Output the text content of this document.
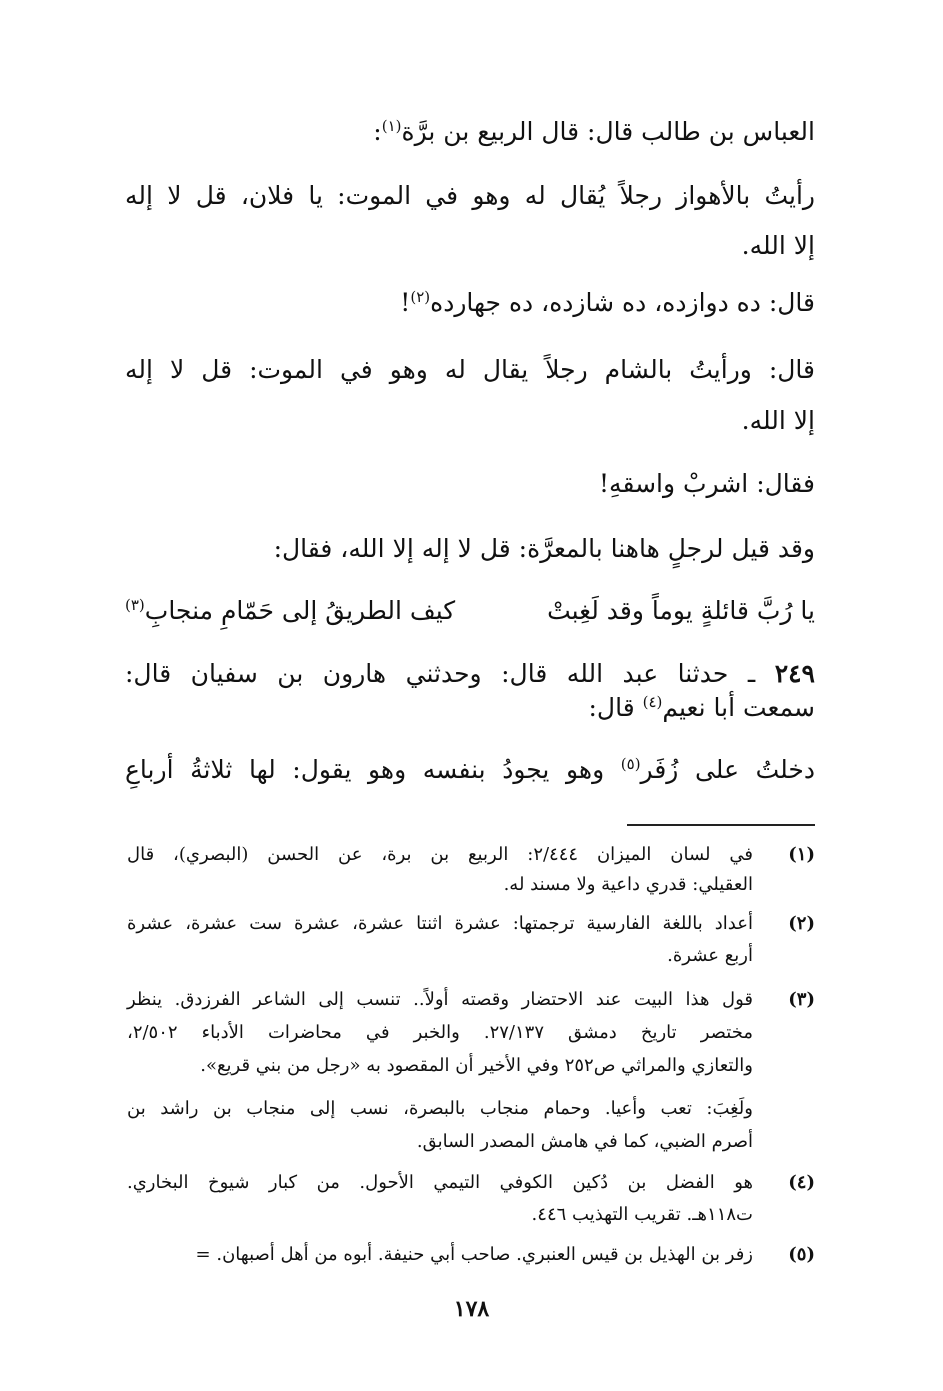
العباس بن طالب قال: قال الربيع بن برَّة$^{(١)}$:
رأيتُ بالأهواز رجلاً يُقال له وهو في الموت: يا فلان، قل لا إله
إلا الله.
قال: ده دوازده، ده شازده، ده جهارده$^{(٢)}$!
قال: ورأيتُ بالشام رجلاً يقال له وهو في الموت: قل لا إله
إلا الله.
فقال: اشربْ واسقهِ!
وقد قيل لرجلٍ هاهنا بالمعرَّة: قل لا إله إلا الله، فقال:
يا رُبَّ قائلةٍ يوماً وقد لَغِبتْ
كيف الطريقُ إلى حَمّامِ منجابِ$^{(٣)}$
٢٤٩ ـ حدثنا عبد الله قال: وحدثني هارون بن سفيان قال:
سمعت أبا نعيم$^{(٤)}$ قال:
دخلتُ على زُفَر$^{(٥)}$ وهو يجودُ بنفسه وهو يقول: لها ثلاثةُ أرباعِ
(١)
في لسان الميزان ٢/٤٤٤: الربيع بن برة، عن الحسن (البصري)، قال
العقيلي: قدري داعية ولا مسند له.
(٢)
أعداد باللغة الفارسية ترجمتها: عشرة اثنتا عشرة، عشرة ست عشرة، عشرة
أربع عشرة.
(٣)
قول هذا البيت عند الاحتضار وقصته أولاً.. تنسب إلى الشاعر الفرزدق. ينظر
مختصر تاريخ دمشق ٢٧/١٣٧. والخبر في محاضرات الأدباء ٢/٥٠٢،
والتعازي والمراثي ص٢٥٢ وفي الأخير أن المقصود به «رجل من بني قريع».
ولَغِبَ: تعب وأعيا. وحمام منجاب بالبصرة، نسب إلى منجاب بن راشد بن
أصرم الضبي، كما في هامش المصدر السابق.
(٤)
هو الفضل بن دُكين الكوفي التيمي الأحول. من كبار شيوخ البخاري.
ت١١٨هـ. تقريب التهذيب ٤٤٦.
(٥)
زفر بن الهذيل بن قيس العنبري. صاحب أبي حنيفة. أبوه من أهل أصبهان. =
١٧٨
